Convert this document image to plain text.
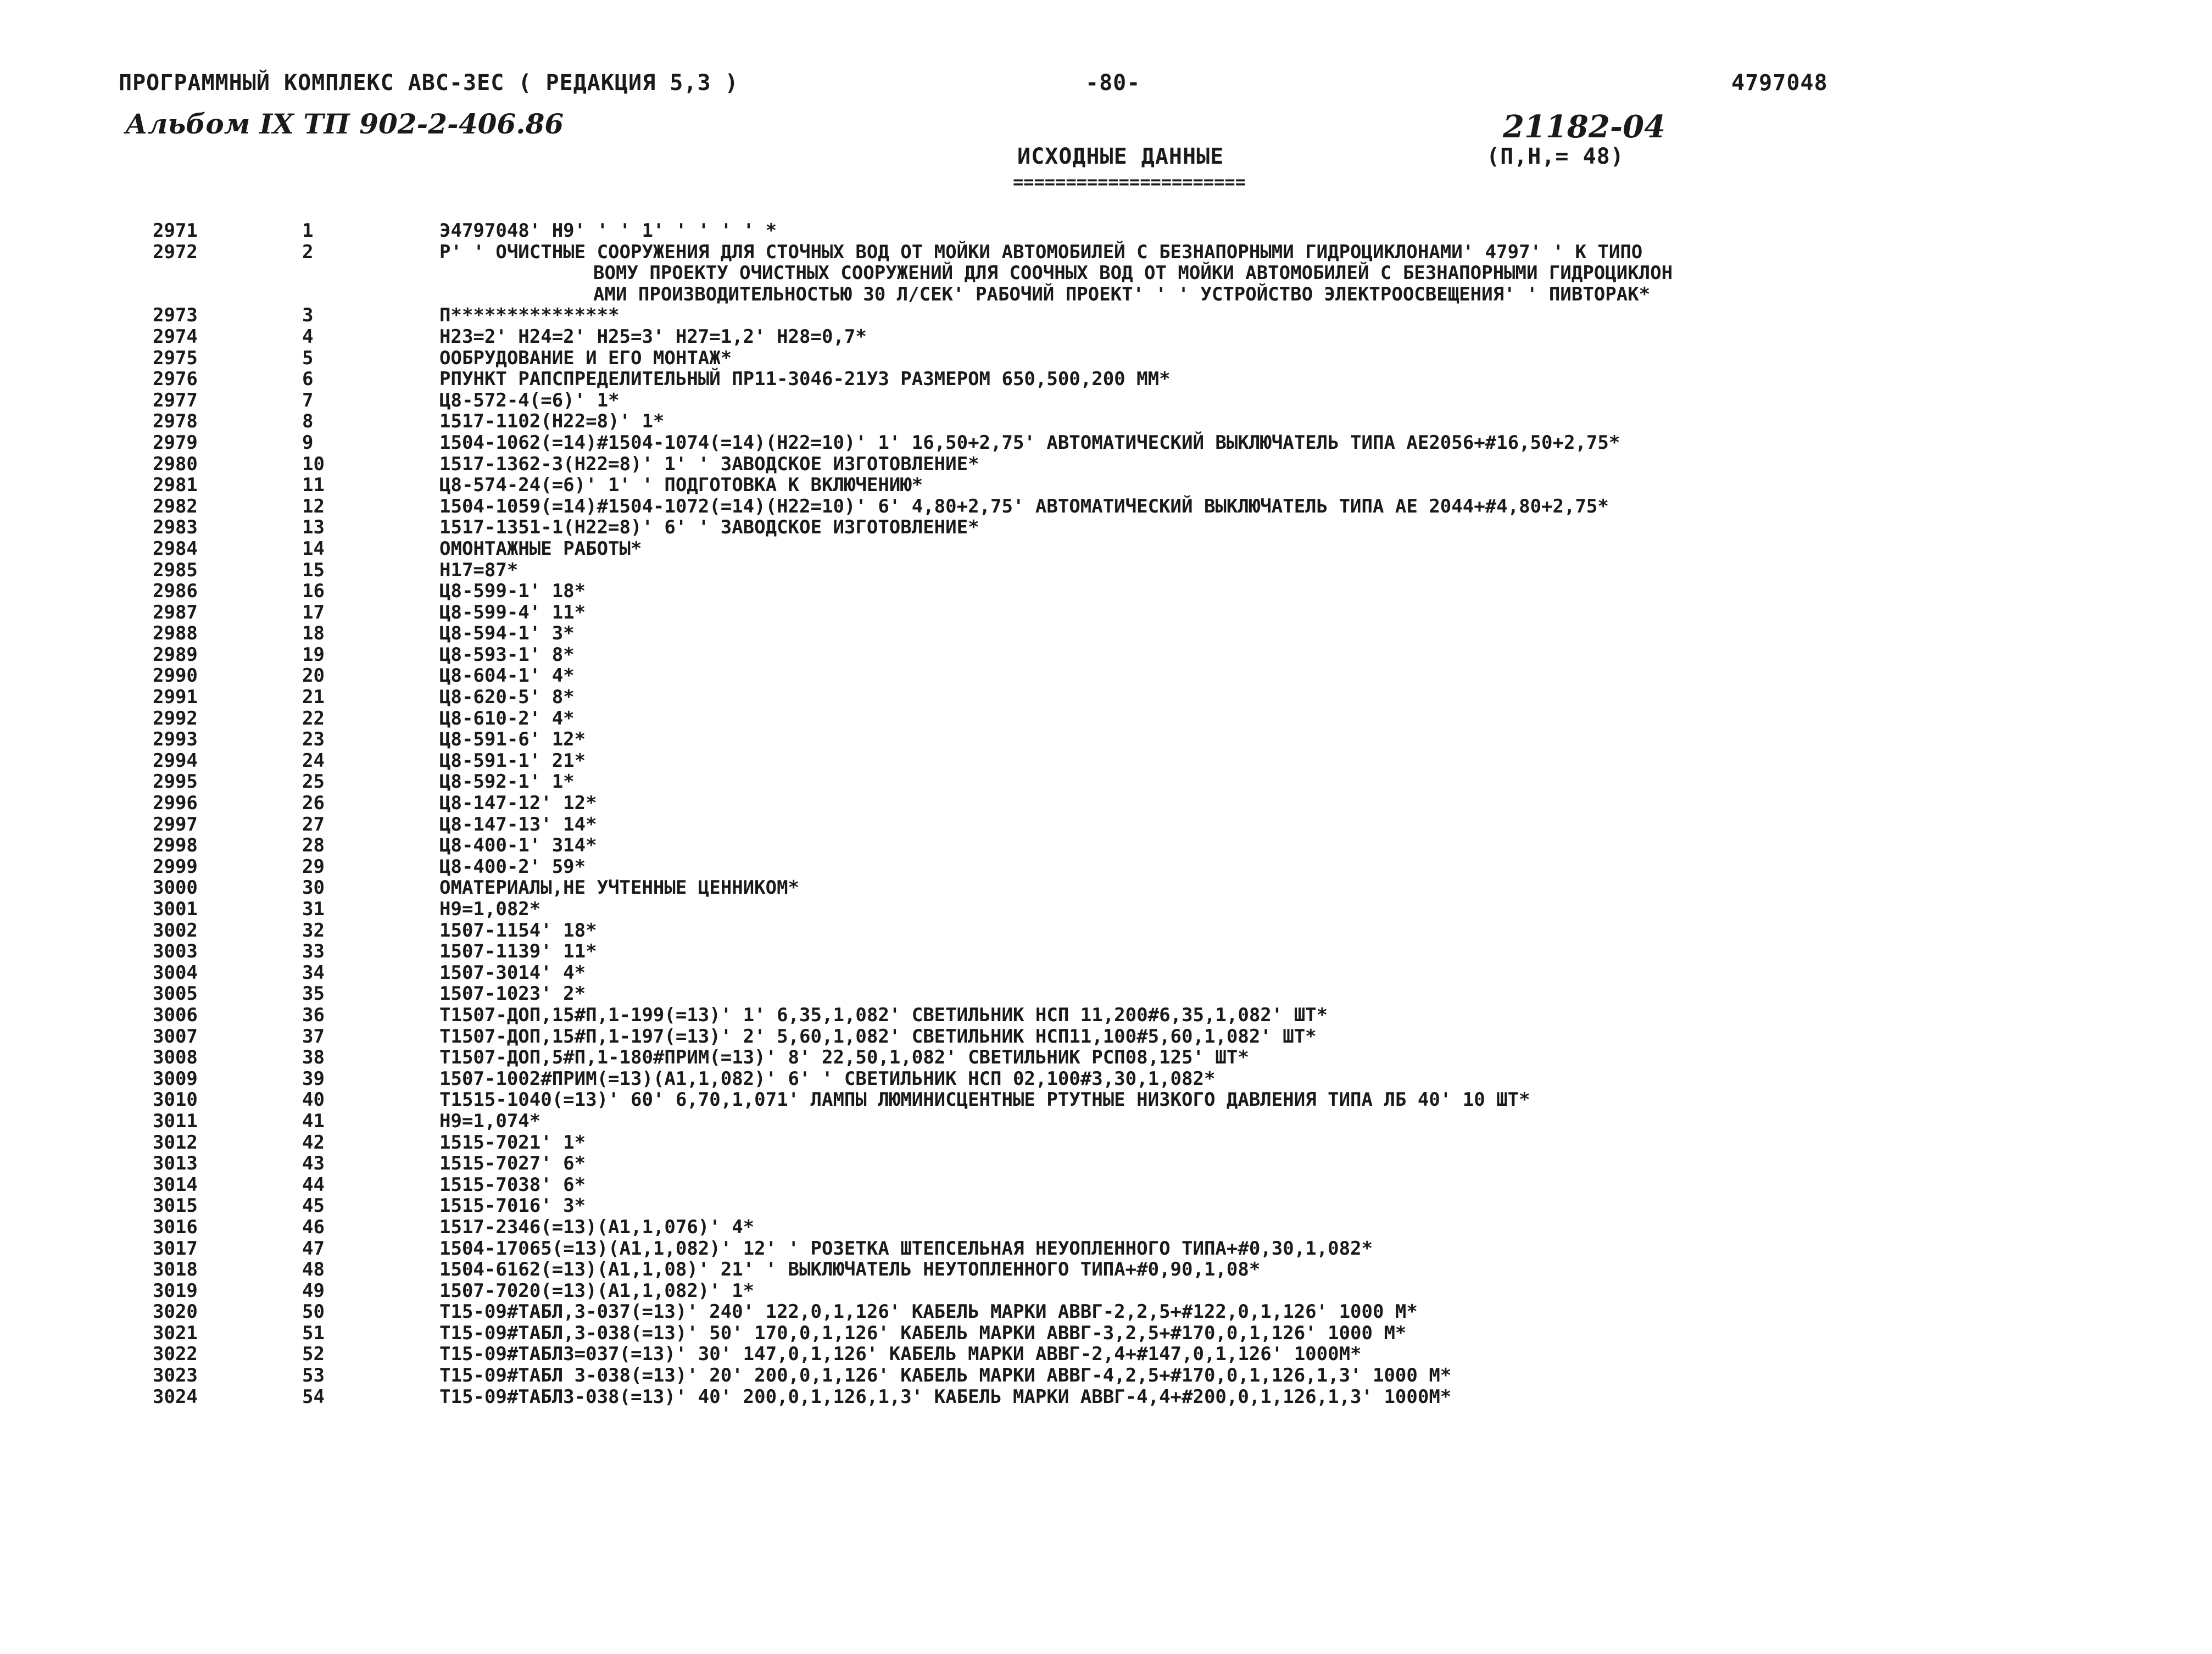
ПРОГРАММНЫЙ КОМПЛЕКС АВС-ЗЕС ( РЕДАКЦИЯ 5,3 )	-80-	4797048
Альбом IX ТП 902-2-406.86	21182-04
ИСХОДНЫЕ ДАННЫЕ	(П,Н,= 48)
======================
2971	1	Э4797048' Н9' ' ' 1' ' ' ' ' *
2972	2	Р' ' ОЧИСТНЫЕ СООРУЖЕНИЯ ДЛЯ СТОЧНЫХ ВОД ОТ МОЙКИ АВТОМОБИЛЕЙ С БЕЗНАПОРНЫМИ ГИДРОЦИКЛОНАМИ' 4797' ' К ТИПО
ВОМУ ПРОЕКТУ ОЧИСТНЫХ СООРУЖЕНИЙ ДЛЯ СООЧНЫХ ВОД ОТ МОЙКИ АВТОМОБИЛЕЙ С БЕЗНАПОРНЫМИ ГИДРОЦИКЛОН
АМИ ПРОИЗВОДИТЕЛЬНОСТЬЮ 30 Л/СЕК' РАБОЧИЙ ПРОЕКТ' ' ' УСТРОЙСТВО ЭЛЕКТРООСВЕЩЕНИЯ' ' ПИВТОРАК*
2973	3	П***************
2974	4	Н23=2' Н24=2' Н25=3' Н27=1,2' Н28=0,7*
2975	5	ООБРУДОВАНИЕ И ЕГО МОНТАЖ*
2976	6	РПУНКТ РАПСПРЕДЕЛИТЕЛЬНЫЙ ПР11-3046-21У3 РАЗМЕРОМ 650,500,200 ММ*
2977	7	Ц8-572-4(=6)' 1*
2978	8	1517-1102(Н22=8)' 1*
2979	9	1504-1062(=14)#1504-1074(=14)(Н22=10)' 1' 16,50+2,75' АВТОМАТИЧЕСКИЙ ВЫКЛЮЧАТЕЛЬ ТИПА АЕ2056+#16,50+2,75*
2980	10	1517-1362-3(Н22=8)' 1' ' ЗАВОДСКОЕ ИЗГОТОВЛЕНИЕ*
2981	11	Ц8-574-24(=6)' 1' ' ПОДГОТОВКА К ВКЛЮЧЕНИЮ*
2982	12	1504-1059(=14)#1504-1072(=14)(Н22=10)' 6' 4,80+2,75' АВТОМАТИЧЕСКИЙ ВЫКЛЮЧАТЕЛЬ ТИПА АЕ 2044+#4,80+2,75*
2983	13	1517-1351-1(Н22=8)' 6' ' ЗАВОДСКОЕ ИЗГОТОВЛЕНИЕ*
2984	14	ОМОНТАЖНЫЕ РАБОТЫ*
2985	15	Н17=87*
2986	16	Ц8-599-1' 18*
2987	17	Ц8-599-4' 11*
2988	18	Ц8-594-1' 3*
2989	19	Ц8-593-1' 8*
2990	20	Ц8-604-1' 4*
2991	21	Ц8-620-5' 8*
2992	22	Ц8-610-2' 4*
2993	23	Ц8-591-6' 12*
2994	24	Ц8-591-1' 21*
2995	25	Ц8-592-1' 1*
2996	26	Ц8-147-12' 12*
2997	27	Ц8-147-13' 14*
2998	28	Ц8-400-1' 314*
2999	29	Ц8-400-2' 59*
3000	30	ОМАТЕРИАЛЫ,НЕ УЧТЕННЫЕ ЦЕННИКОМ*
3001	31	Н9=1,082*
3002	32	1507-1154' 18*
3003	33	1507-1139' 11*
3004	34	1507-3014' 4*
3005	35	1507-1023' 2*
3006	36	Т1507-ДОП,15#П,1-199(=13)' 1' 6,35,1,082' СВЕТИЛЬНИК НСП 11,200#6,35,1,082' ШТ*
3007	37	Т1507-ДОП,15#П,1-197(=13)' 2' 5,60,1,082' СВЕТИЛЬНИК НСП11,100#5,60,1,082' ШТ*
3008	38	Т1507-ДОП,5#П,1-180#ПРИМ(=13)' 8' 22,50,1,082' СВЕТИЛЬНИК РСП08,125' ШТ*
3009	39	1507-1002#ПРИМ(=13)(А1,1,082)' 6' ' СВЕТИЛЬНИК НСП 02,100#3,30,1,082*
3010	40	Т1515-1040(=13)' 60' 6,70,1,071' ЛАМПЫ ЛЮМИНИСЦЕНТНЫЕ РТУТНЫЕ НИЗКОГО ДАВЛЕНИЯ ТИПА ЛБ 40' 10 ШТ*
3011	41	Н9=1,074*
3012	42	1515-7021' 1*
3013	43	1515-7027' 6*
3014	44	1515-7038' 6*
3015	45	1515-7016' 3*
3016	46	1517-2346(=13)(А1,1,076)' 4*
3017	47	1504-17065(=13)(А1,1,082)' 12' ' РОЗЕТКА ШТЕПСЕЛЬНАЯ НЕУОПЛЕННОГО ТИПА+#0,30,1,082*
3018	48	1504-6162(=13)(А1,1,08)' 21' ' ВЫКЛЮЧАТЕЛЬ НЕУТОПЛЕННОГО ТИПА+#0,90,1,08*
3019	49	1507-7020(=13)(А1,1,082)' 1*
3020	50	Т15-09#ТАБЛ,3-037(=13)' 240' 122,0,1,126' КАБЕЛЬ МАРКИ АВВГ-2,2,5+#122,0,1,126' 1000 М*
3021	51	Т15-09#ТАБЛ,3-038(=13)' 50' 170,0,1,126' КАБЕЛЬ МАРКИ АВВГ-3,2,5+#170,0,1,126' 1000 М*
3022	52	Т15-09#ТАБЛ3=037(=13)' 30' 147,0,1,126' КАБЕЛЬ МАРКИ АВВГ-2,4+#147,0,1,126' 1000М*
3023	53	Т15-09#ТАБЛ 3-038(=13)' 20' 200,0,1,126' КАБЕЛЬ МАРКИ АВВГ-4,2,5+#170,0,1,126,1,3' 1000 М*
3024	54	Т15-09#ТАБЛ3-038(=13)' 40' 200,0,1,126,1,3' КАБЕЛЬ МАРКИ АВВГ-4,4+#200,0,1,126,1,3' 1000М*
